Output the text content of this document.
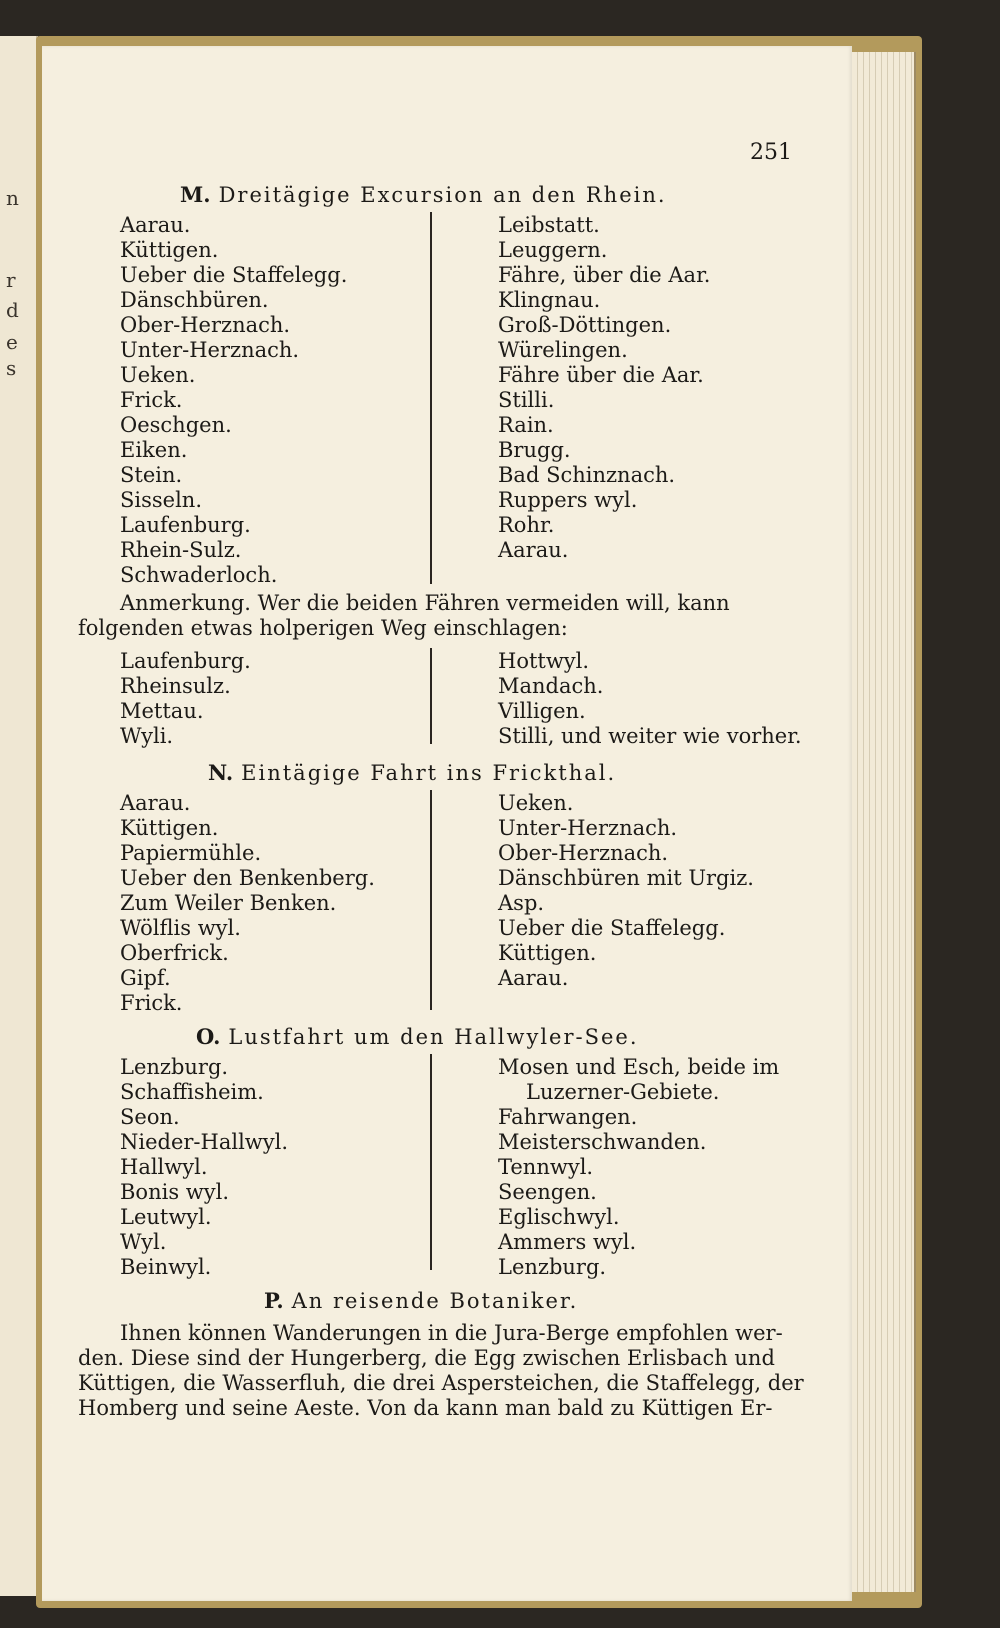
n
r
d
e
s
251
M. Dreitägige Excursion an den Rhein.
Aarau.
Küttigen.
Ueber die Staffelegg.
Dänschbüren.
Ober-Herznach.
Unter-Herznach.
Ueken.
Frick.
Oeschgen.
Eiken.
Stein.
Sisseln.
Laufenburg.
Rhein-Sulz.
Schwaderloch.
Leibstatt.
Leuggern.
Fähre, über die Aar.
Klingnau.
Groß-Döttingen.
Würelingen.
Fähre über die Aar.
Stilli.
Rain.
Brugg.
Bad Schinznach.
Ruppers wyl.
Rohr.
Aarau.
Anmerkung. Wer die beiden Fähren vermeiden will, kann
folgenden etwas holperigen Weg einschlagen:
Laufenburg.
Rheinsulz.
Mettau.
Wyli.
Hottwyl.
Mandach.
Villigen.
Stilli, und weiter wie vorher.
N. Eintägige Fahrt ins Frickthal.
Aarau.
Küttigen.
Papiermühle.
Ueber den Benkenberg.
Zum Weiler Benken.
Wölflis wyl.
Oberfrick.
Gipf.
Frick.
Ueken.
Unter-Herznach.
Ober-Herznach.
Dänschbüren mit Urgiz.
Asp.
Ueber die Staffelegg.
Küttigen.
Aarau.
O. Lustfahrt um den Hallwyler-See.
Lenzburg.
Schaffisheim.
Seon.
Nieder-Hallwyl.
Hallwyl.
Bonis wyl.
Leutwyl.
Wyl.
Beinwyl.
Mosen und Esch, beide im
Luzerner-Gebiete.
Fahrwangen.
Meisterschwanden.
Tennwyl.
Seengen.
Eglischwyl.
Ammers wyl.
Lenzburg.
P. An reisende Botaniker.
Ihnen können Wanderungen in die Jura-Berge empfohlen wer-
den. Diese sind der Hungerberg, die Egg zwischen Erlisbach und
Küttigen, die Wasserfluh, die drei Aspersteichen, die Staffelegg, der
Homberg und seine Aeste. Von da kann man bald zu Küttigen Er-
